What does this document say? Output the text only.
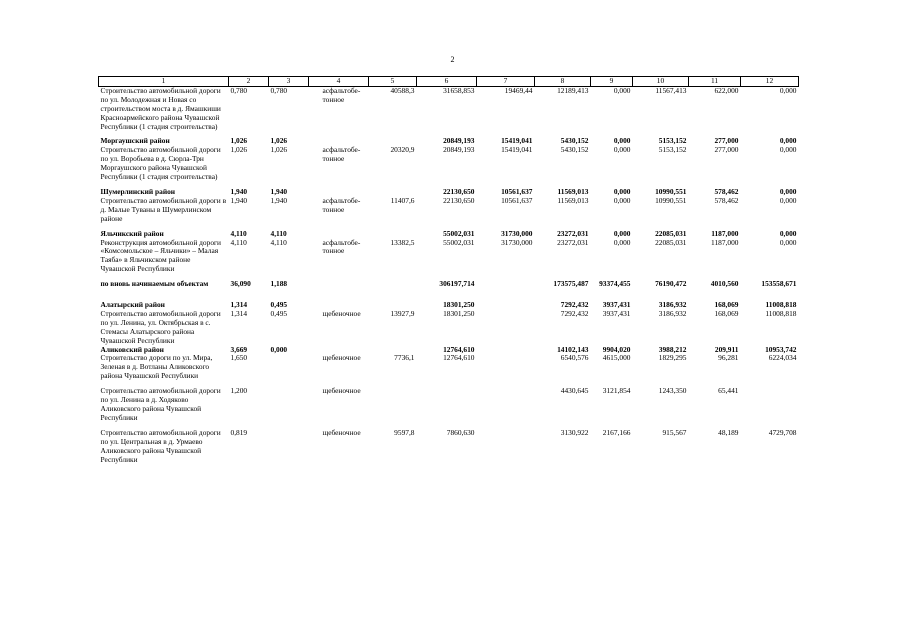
2
1	2	3	4	5	6	7	8	9	10	11	12
Строительство автомобильной дороги по ул. Молодежная и Новая со строительством моста в д. Ямашкиши Красноармейского района Чувашской Республики (1 стадия строительства)	0,780	0,780	асфальтобе-тонное	40588,3	31658,853	19469,44	12189,413	0,000	11567,413	622,000	0,000

Моргаушский район	1,026	1,026			20849,193	15419,041	5430,152	0,000	5153,152	277,000	0,000
Строительство автомобильной дороги по ул. Воробьева в д. Сюрла-Трн Моргаушского района Чувашской Республики (1 стадия строительства)	1,026	1,026	асфальтобе-тонное	20320,9	20849,193	15419,041	5430,152	0,000	5153,152	277,000	0,000

Шумерлинский район	1,940	1,940			22130,650	10561,637	11569,013	0,000	10990,551	578,462	0,000
Строительство автомобильной дороги в д. Малые Туваны в Шумерлинском районе	1,940	1,940	асфальтобе-тонное	11407,6	22130,650	10561,637	11569,013	0,000	10990,551	578,462	0,000

Яльчикский район	4,110	4,110			55002,031	31730,000	23272,031	0,000	22085,031	1187,000	0,000
Реконструкция автомобильной дороги «Комсомольское – Яльчики» – Малая Таяба» в Яльчикском районе Чувашской Республики	4,110	4,110	асфальтобе-тонное	13382,5	55002,031	31730,000	23272,031	0,000	22085,031	1187,000	0,000

по вновь начинаемым объектам	36,090	1,188			306197,714		173575,487	93374,455	76190,472	4010,560	153558,671

Алатырский район	1,314	0,495			18301,250		7292,432	3937,431	3186,932	168,069	11008,818
Строительство автомобильной дороги по ул. Ленина, ул. Октябрьская в с. Стемасы Алатырского района Чувашской Республики	1,314	0,495	щебеночное	13927,9	18301,250		7292,432	3937,431	3186,932	168,069	11008,818
Аликовский район	3,669	0,000			12764,610		14102,143	9904,020	3988,212	209,911	10953,742
Строительство дороги по ул. Мира, Зеленая в д. Вотланы Аликовского района Чувашской Республики	1,650		щебеночное	7736,1	12764,610		6540,576	4615,000	1829,295	96,281	6224,034

Строительство автомобильной дороги по ул. Ленина в д. Ходяково Аликовского района Чувашской Республики	1,200		щебеночное				4430,645	3121,854	1243,350	65,441	

Строительство автомобильной дороги по ул. Центральная в д. Урмаево Аликовского района Чувашской Республики	0,819		щебеночное	9597,8	7860,630		3130,922	2167,166	915,567	48,189	4729,708
